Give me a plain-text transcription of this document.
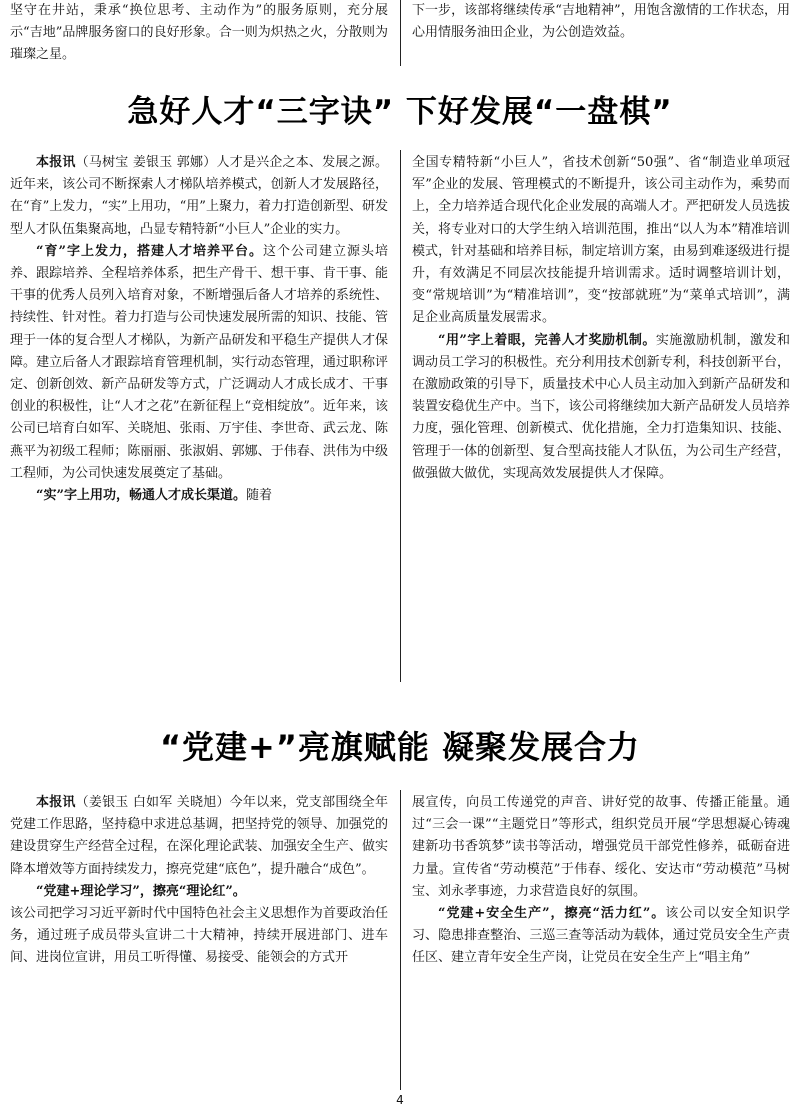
坚守在井站，秉承“换位思考、主动作为”的服务原则，充分展示“吉地”品牌服务窗口的良好形象。合一则为炽热之火，分散则为璀璨之星。

下一步，该部将继续传承“吉地精神”，用饱含激情的工作状态，用心用情服务油田企业，为公创造效益。

急好人才“三字诀” 下好发展“一盘棋”

本报讯（马树宝 姜银玉 郭娜）人才是兴企之本、发展之源。近年来，该公司不断探索人才梯队培养模式，创新人才发展路径，在“育”上发力，“实”上用功，“用”上聚力，着力打造创新型、研发型人才队伍集聚高地，凸显专精特新“小巨人”企业的实力。

“育”字上发力，搭建人才培养平台。这个公司建立源头培养、跟踪培养、全程培养体系，把生产骨干、想干事、肯干事、能干事的优秀人员列入培育对象，不断增强后备人才培养的系统性、持续性、针对性。着力打造与公司快速发展所需的知识、技能、管理于一体的复合型人才梯队，为新产品研发和平稳生产提供人才保障。建立后备人才跟踪培育管理机制，实行动态管理，通过职称评定、创新创效、新产品研发等方式，广泛调动人才成长成才、干事创业的积极性，让“人才之花”在新征程上“竞相绽放”。近年来，该公司已培育白如军、关晓旭、张雨、万宇佳、李世奇、武云龙、陈燕平为初级工程师；陈丽丽、张淑娟、郭娜、于伟春、洪伟为中级工程师，为公司快速发展奠定了基础。

“实”字上用功，畅通人才成长渠道。随着

全国专精特新“小巨人”，省技术创新“50强”、省“制造业单项冠军”企业的发展、管理模式的不断提升，该公司主动作为，乘势而上，全力培养适合现代化企业发展的高端人才。严把研发人员选拔关，将专业对口的大学生纳入培训范围，推出“以人为本”精准培训模式，针对基础和培养目标，制定培训方案，由易到难逐级进行提升，有效满足不同层次技能提升培训需求。适时调整培训计划，变“常规培训”为“精准培训”，变“按部就班”为“菜单式培训”，满足企业高质量发展需求。

“用”字上着眼，完善人才奖励机制。实施激励机制，激发和调动员工学习的积极性。充分利用技术创新专利，科技创新平台，在激励政策的引导下，质量技术中心人员主动加入到新产品研发和装置安稳优生产中。当下，该公司将继续加大新产品研发人员培养力度，强化管理、创新模式、优化措施，全力打造集知识、技能、管理于一体的创新型、复合型高技能人才队伍，为公司生产经营，做强做大做优，实现高效发展提供人才保障。

“党建+”亮旗赋能 凝聚发展合力

本报讯（姜银玉 白如军 关晓旭）今年以来，党支部围绕全年党建工作思路，坚持稳中求进总基调，把坚持党的领导、加强党的建设贯穿生产经营全过程，在深化理论武装、加强安全生产、做实降本增效等方面持续发力，擦亮党建“底色”，提升融合“成色”。

“党建+理论学习”，擦亮“理论红”。

该公司把学习习近平新时代中国特色社会主义思想作为首要政治任务，通过班子成员带头宣讲二十大精神，持续开展进部门、进车间、进岗位宣讲，用员工听得懂、易接受、能领会的方式开

展宣传，向员工传递党的声音、讲好党的故事、传播正能量。通过“三会一课”“主题党日”等形式，组织党员开展“学思想凝心铸魂 建新功书香筑梦”读书等活动，增强党员干部党性修养，砥砺奋进力量。宣传省“劳动模范”于伟春、绥化、安达市“劳动模范”马树宝、刘永孝事迹，力求营造良好的氛围。

“党建+安全生产”，擦亮“活力红”。该公司以安全知识学习、隐患排查整治、三巡三查等活动为载体，通过党员安全生产责任区、建立青年安全生产岗，让党员在安全生产上“唱主角”

4
